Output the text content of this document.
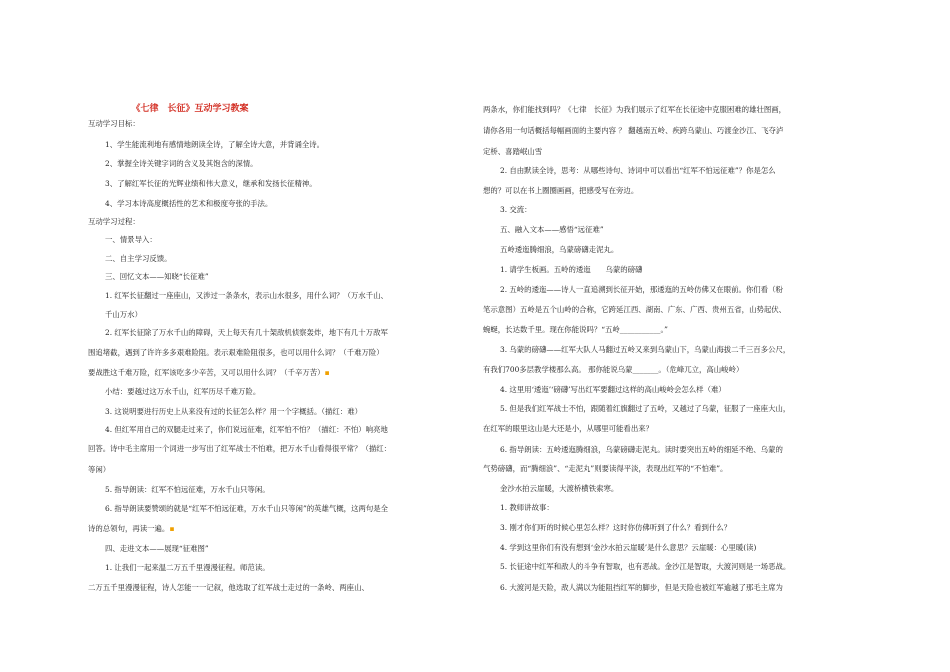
《七律　长征》互动学习教案
互动学习目标：
1、学生能流利地有感情地朗读全诗，了解全诗大意，并背诵全诗。
2、掌握全诗关键字词的含义及其饱含的深情。
3、了解红军长征的光辉业绩和伟大意义，继承和发扬长征精神。
4、学习本诗高度概括性的艺术和极度夸张的手法。
互动学习过程：
一、情景导入：
二、自主学习反馈。
三、回忆文本——知晓“长征难”
1. 红军长征翻过一座座山，又涉过一条条水，表示山水很多，用什么词？（万水千山、
千山万水）
2. 红军长征除了万水千山的障碍，天上每天有几十架敌机侦察轰炸，地下有几十万敌军
围追堵截，遇到了许许多多艰难险阻。表示艰难险阻很多，也可以用什么词？（千难万险）
要战胜这千难万险，红军该吃多少辛苦，又可以用什么词？（千辛万苦）▪
小结：要越过这万水千山，红军历尽千难万险。
3. 这说明要进行历史上从来没有过的长征怎么样？用一个字概括。（描红：难）
4. 但红军用自己的双腿走过来了，你们说远征难，红军怕不怕？（描红：不怕）响亮地
回答。诗中毛主席用一个词进一步写出了红军战士不怕难，把万水千山看得很平常？（描红：
等闲）
5. 指导朗读：红军不怕远征难，万水千山只等闲。
6. 指导朗读要赞颂的就是“红军不怕远征难，万水千山只等闲”的英雄气概，这两句是全
诗的总领句，再读一遍。▪
四、走进文本——展现“征难图”
1. 让我们一起来温二万五千里漫漫征程。师范读。
二万五千里漫漫征程，诗人怎能一一记叙，他选取了红军战士走过的一条岭、两座山、
两条水，你们能找到吗？《七律　长征》为我们展示了红军在长征途中克服困难的雄壮图画，
请你各用一句话概括每幅画面的主要内容 ？ 翻越南五岭、疾跨乌蒙山、巧渡金沙江、飞夺泸
定桥、喜踏岷山雪
2. 自由默读全诗，思考：从哪些诗句、诗词中可以看出“红军不怕远征难”？你是怎么
想的？可以在书上圈圈画画，把感受写在旁边。
3. 交流：
五、融入文本——感悟“远征难”
五岭逶迤腾细浪，乌蒙磅礴走泥丸。
1. 请学生板画。五岭的逶迤　　乌蒙的磅礴
2. 五岭的逶迤——诗人一直追溯到长征开始，那逶迤的五岭仿佛又在眼前。你们看（粉
笔示意图）五岭是五个山岭的合称，它跨延江西、湖南、广东、广西、贵州五省，山势起伏、
蜿蜒，长达数千里。现在你能说吗？“五岭___________。”
3. 乌蒙的磅礴——红军大队人马翻过五岭又来到乌蒙山下，乌蒙山海拔二千三百多公尺，
有我们700多层教学楼那么高。 那你能说乌蒙_______。（危峰兀立，高山峻岭）
4. 这里用‘逶迤’‘磅礴’写出红军要翻过这样的高山峻岭会怎么样（难）
5. 但是我们红军战士不怕，跟随着红旗翻过了五岭，又越过了乌蒙，征服了一座座大山，
在红军的眼里这山是大还是小，从哪里可能看出来？
6. 指导朗读：五岭逶迤腾细浪，乌蒙磅礴走泥丸。读时要突出五岭的细延不绝、乌蒙的
气势磅礴，而“腾细浪”、“走泥丸”则要读得平淡，表现出红军的“不怕难”。
金沙水拍云崖暖，大渡桥横铁索寒。
1. 教师讲故事：
3. 刚才你们听的时候心里怎么样？这时你仿佛听到了什么？看到什么？
4. 学到这里你们有没有想到‘金沙水拍云崖暖’是什么意思？云崖暖：心里暖(读)
5. 长征途中红军和敌人的斗争有智取，也有恶战。金沙江是智取，大渡河则是一场恶战。
6. 大渡河是天险，敌人满以为能阻挡红军的脚步，但是天险也被红军逾越了那毛主席为
